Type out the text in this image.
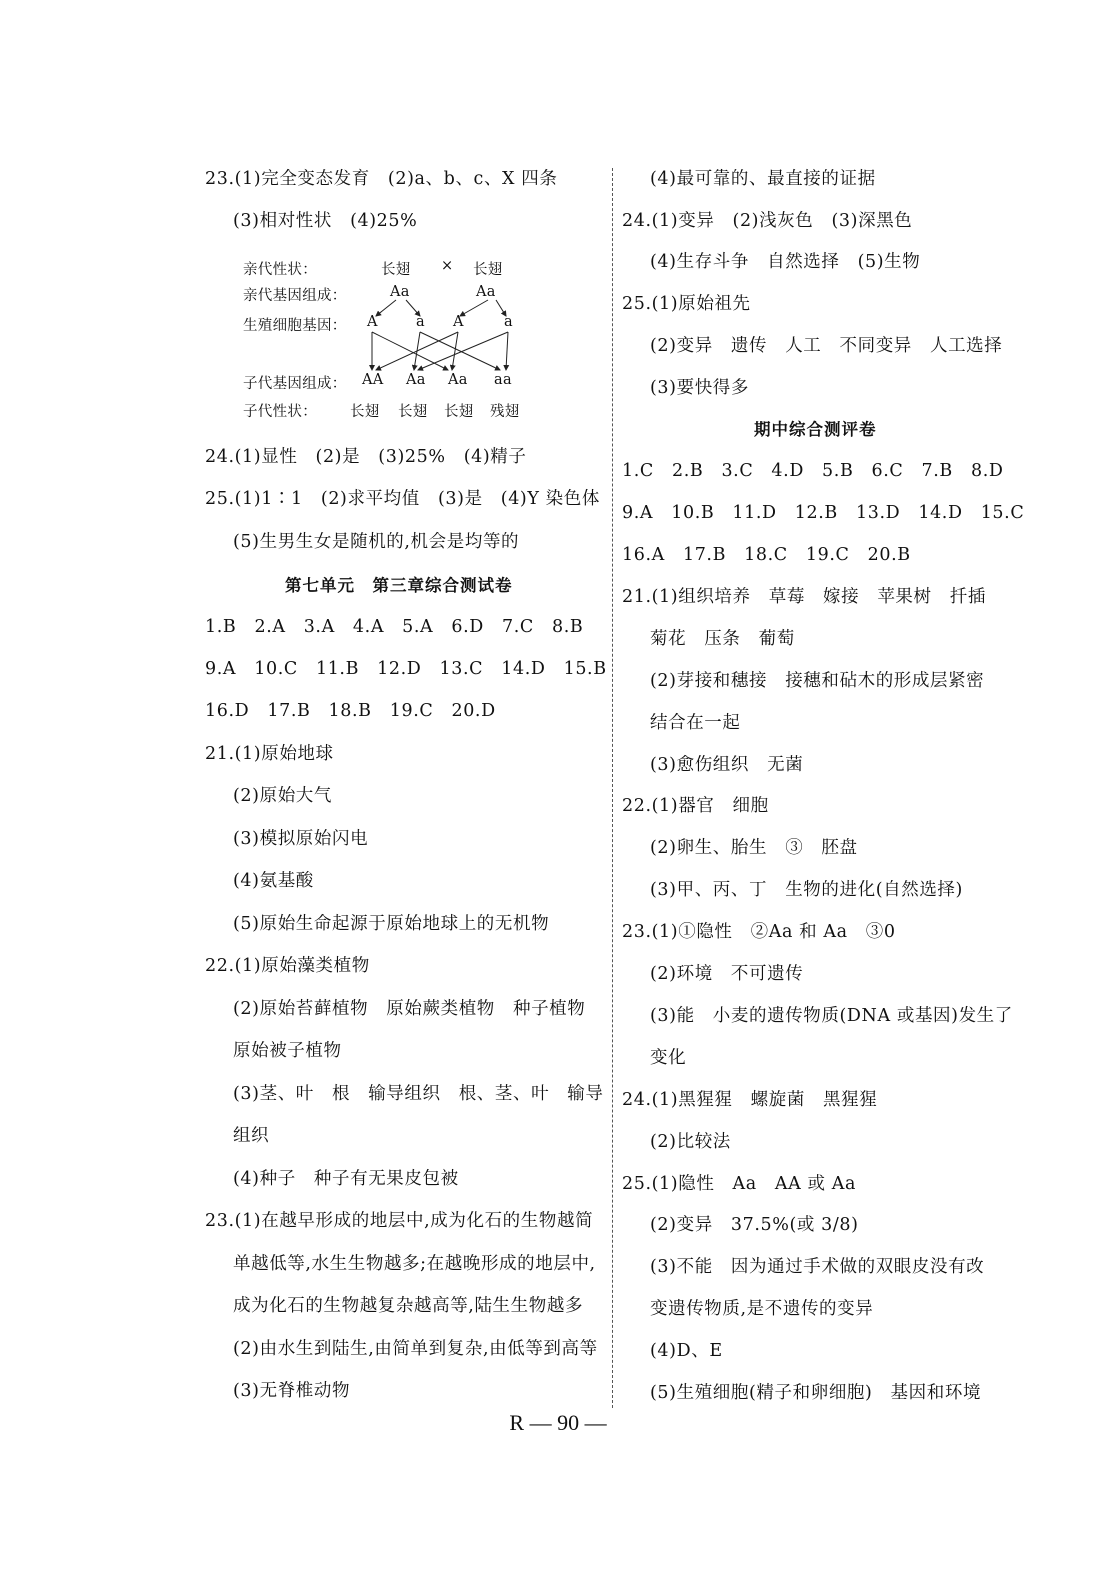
23.(1)完全变态发育　(2)a、b、c、X 四条
(3)相对性状　(4)25%
亲代性状：	长翅 × 长翅
亲代基因组成：	Aa	Aa
生殖细胞基因： A	a A	a
子代基因组成： AA Aa Aa aa
子代性状： 长翅 长翅 长翅 残翅
24.(1)显性　(2)是　(3)25%　(4)精子
25.(1)1∶1　(2)求平均值　(3)是　(4)Y 染色体
(5)生男生女是随机的,机会是均等的
第七单元　第三章综合测试卷
1.B　2.A　3.A　4.A　5.A　6.D　7.C　8.B
9.A　10.C　11.B　12.D　13.C　14.D　15.B
16.D　17.B　18.B　19.C　20.D
21.(1)原始地球
(2)原始大气
(3)模拟原始闪电
(4)氨基酸
(5)原始生命起源于原始地球上的无机物
22.(1)原始藻类植物
(2)原始苔藓植物　原始蕨类植物　种子植物
原始被子植物
(3)茎、叶　根　输导组织　根、茎、叶　输导
组织
(4)种子　种子有无果皮包被
23.(1)在越早形成的地层中,成为化石的生物越简
单越低等,水生生物越多;在越晚形成的地层中,
成为化石的生物越复杂越高等,陆生生物越多
(2)由水生到陆生,由简单到复杂,由低等到高等
(3)无脊椎动物
(4)最可靠的、最直接的证据
24.(1)变异　(2)浅灰色　(3)深黑色
(4)生存斗争　自然选择　(5)生物
25.(1)原始祖先
(2)变异　遗传　人工　不同变异　人工选择
(3)要快得多
期中综合测评卷
1.C　2.B　3.C　4.D　5.B　6.C　7.B　8.D
9.A　10.B　11.D　12.B　13.D　14.D　15.C
16.A　17.B　18.C　19.C　20.B
21.(1)组织培养　草莓　嫁接　苹果树　扦插
菊花　压条　葡萄
(2)芽接和穗接　接穗和砧木的形成层紧密
结合在一起
(3)愈伤组织　无菌
22.(1)器官　细胞
(2)卵生、胎生　③　胚盘
(3)甲、丙、丁　生物的进化(自然选择)
23.(1)①隐性　②Aa 和 Aa　③0
(2)环境　不可遗传
(3)能　小麦的遗传物质(DNA 或基因)发生了
变化
24.(1)黑猩猩　螺旋菌　黑猩猩
(2)比较法
25.(1)隐性　Aa　AA 或 Aa
(2)变异　37.5%(或 3/8)
(3)不能　因为通过手术做的双眼皮没有改
变遗传物质,是不遗传的变异
(4)D、E
(5)生殖细胞(精子和卵细胞)　基因和环境
R — 90 —
